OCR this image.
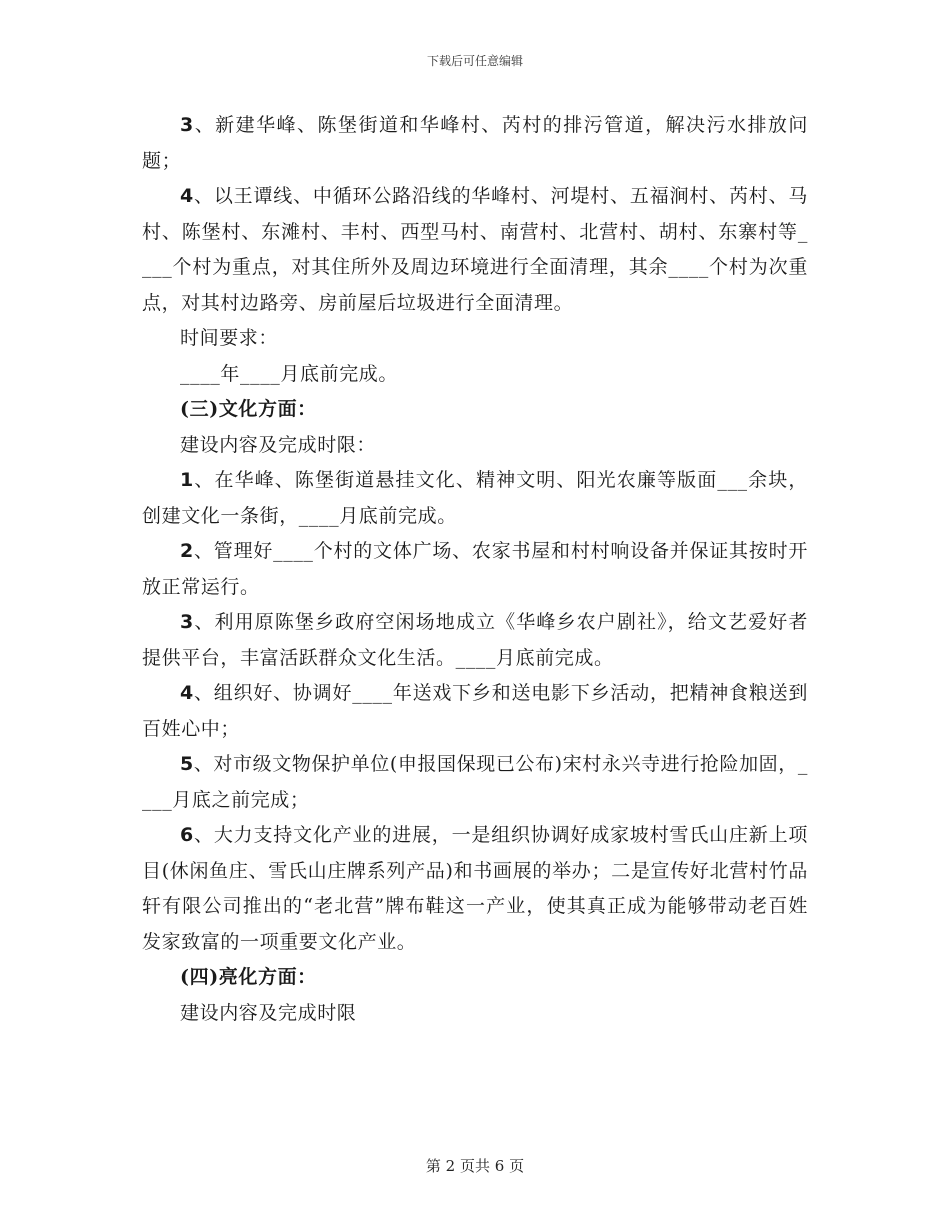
下载后可任意编辑

3、新建华峰、陈堡街道和华峰村、芮村的排污管道，解决污水排放问题；

4、以王谭线、中循环公路沿线的华峰村、河堤村、五福涧村、芮村、马村、陈堡村、东滩村、丰村、西型马村、南营村、北营村、胡村、东寨村等____个村为重点，对其住所外及周边环境进行全面清理，其余____个村为次重点，对其村边路旁、房前屋后垃圾进行全面清理。

时间要求：

____年____月底前完成。

(三)文化方面：

建设内容及完成时限：

1、在华峰、陈堡街道悬挂文化、精神文明、阳光农廉等版面___余块，创建文化一条街，____月底前完成。

2、管理好____个村的文体广场、农家书屋和村村响设备并保证其按时开放正常运行。

3、利用原陈堡乡政府空闲场地成立《华峰乡农户剧社》，给文艺爱好者提供平台，丰富活跃群众文化生活。____月底前完成。

4、组织好、协调好____年送戏下乡和送电影下乡活动，把精神食粮送到百姓心中；

5、对市级文物保护单位(申报国保现已公布)宋村永兴寺进行抢险加固，____月底之前完成；

6、大力支持文化产业的进展，一是组织协调好成家坡村雪氏山庄新上项目(休闲鱼庄、雪氏山庄牌系列产品)和书画展的举办；二是宣传好北营村竹品轩有限公司推出的“老北营”牌布鞋这一产业，使其真正成为能够带动老百姓发家致富的一项重要文化产业。

(四)亮化方面：

建设内容及完成时限

第 2 页共 6 页
